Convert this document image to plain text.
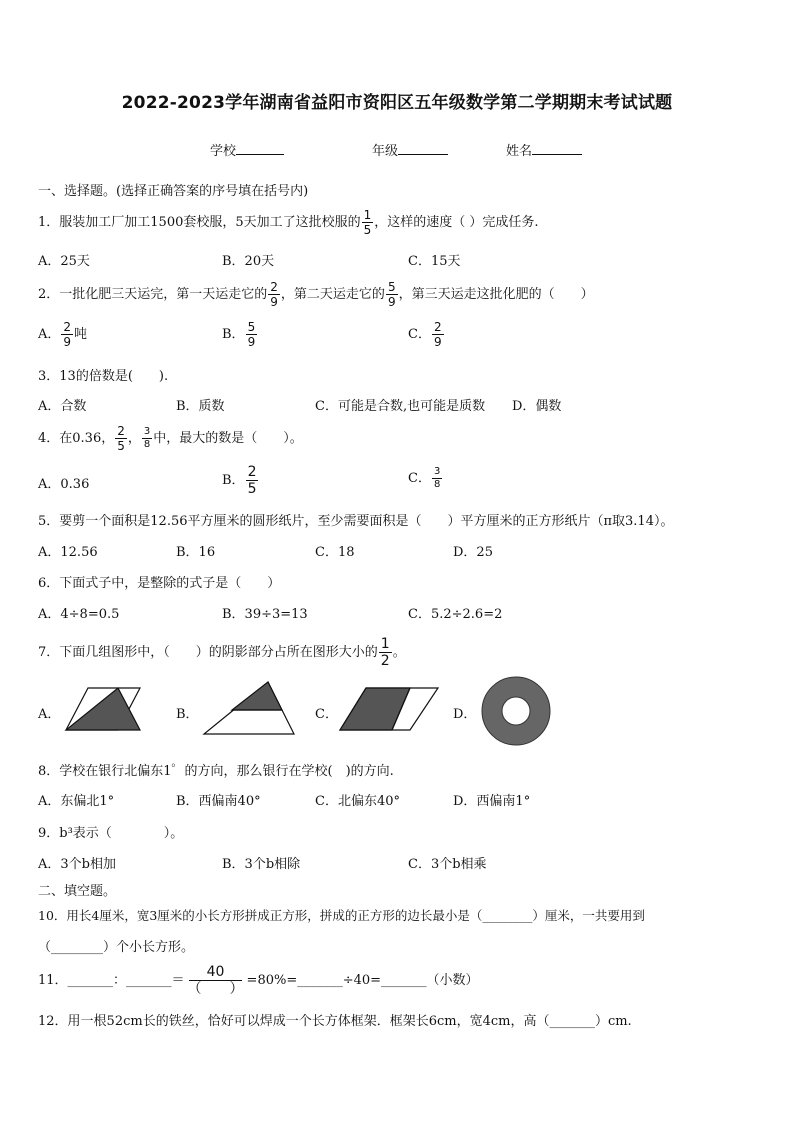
2022-2023学年湖南省益阳市资阳区五年级数学第二学期期末考试试题
学校	年级	姓名
一、选择题。(选择正确答案的序号填在括号内)
1．服装加工厂加工1500套校服，5天加工了这批校服的 $\frac{1}{5}$ ，这样的速度（ ）完成任务.
A．25天	B．20天	C．15天
2．一批化肥三天运完，第一天运走它的 $\frac{2}{9}$ ，第二天运走它的 $\frac{5}{9}$ ，第三天运走这批化肥的（　　）
A． $\frac{2}{9}$ 吨	B． $\frac{5}{9}$	C． $\frac{2}{9}$
3．13的倍数是(　　).
A．合数	B．质数	C．可能是合数,也可能是质数 D．偶数
4．在0.36， $\frac{2}{5}$ ， $\frac{3}{8}$ 中，最大的数是（　　）。
A．0.36	B． $\frac{2}{5}$	C． $\frac{3}{8}$
5．要剪一个面积是12.56平方厘米的圆形纸片，至少需要面积是（　　）平方厘米的正方形纸片（π取3.14）。
A．12.56	B．16	C．18	D．25
6．下面式子中，是整除的式子是（　　）
A．4÷8=0.5	B．39÷3=13	C．5.2÷2.6=2
7．下面几组图形中，（　　）的阴影部分占所在图形大小的 $\frac{1}{2}$ 。
A．	B．	C．	D．
8．学校在银行北偏东1゜的方向，那么银行在学校(　)的方向.
A．东偏北1°	B．西偏南40°	C．北偏东40°	D．西偏南1°
9．b³表示（　　　　）。
A．3个b相加	B．3个b相除	C．3个b相乘
二、填空题。
10．用长4厘米，宽3厘米的小长方形拼成正方形，拼成的正方形的边长最小是（________）厘米，一共要用到
（________）个小长方形。
11．_______：_______＝ $\frac{40}{( )}$ =80%=_______÷40=_______（小数）
12．用一根52cm长的铁丝，恰好可以焊成一个长方体框架．框架长6cm，宽4cm，高（_______）cm.
